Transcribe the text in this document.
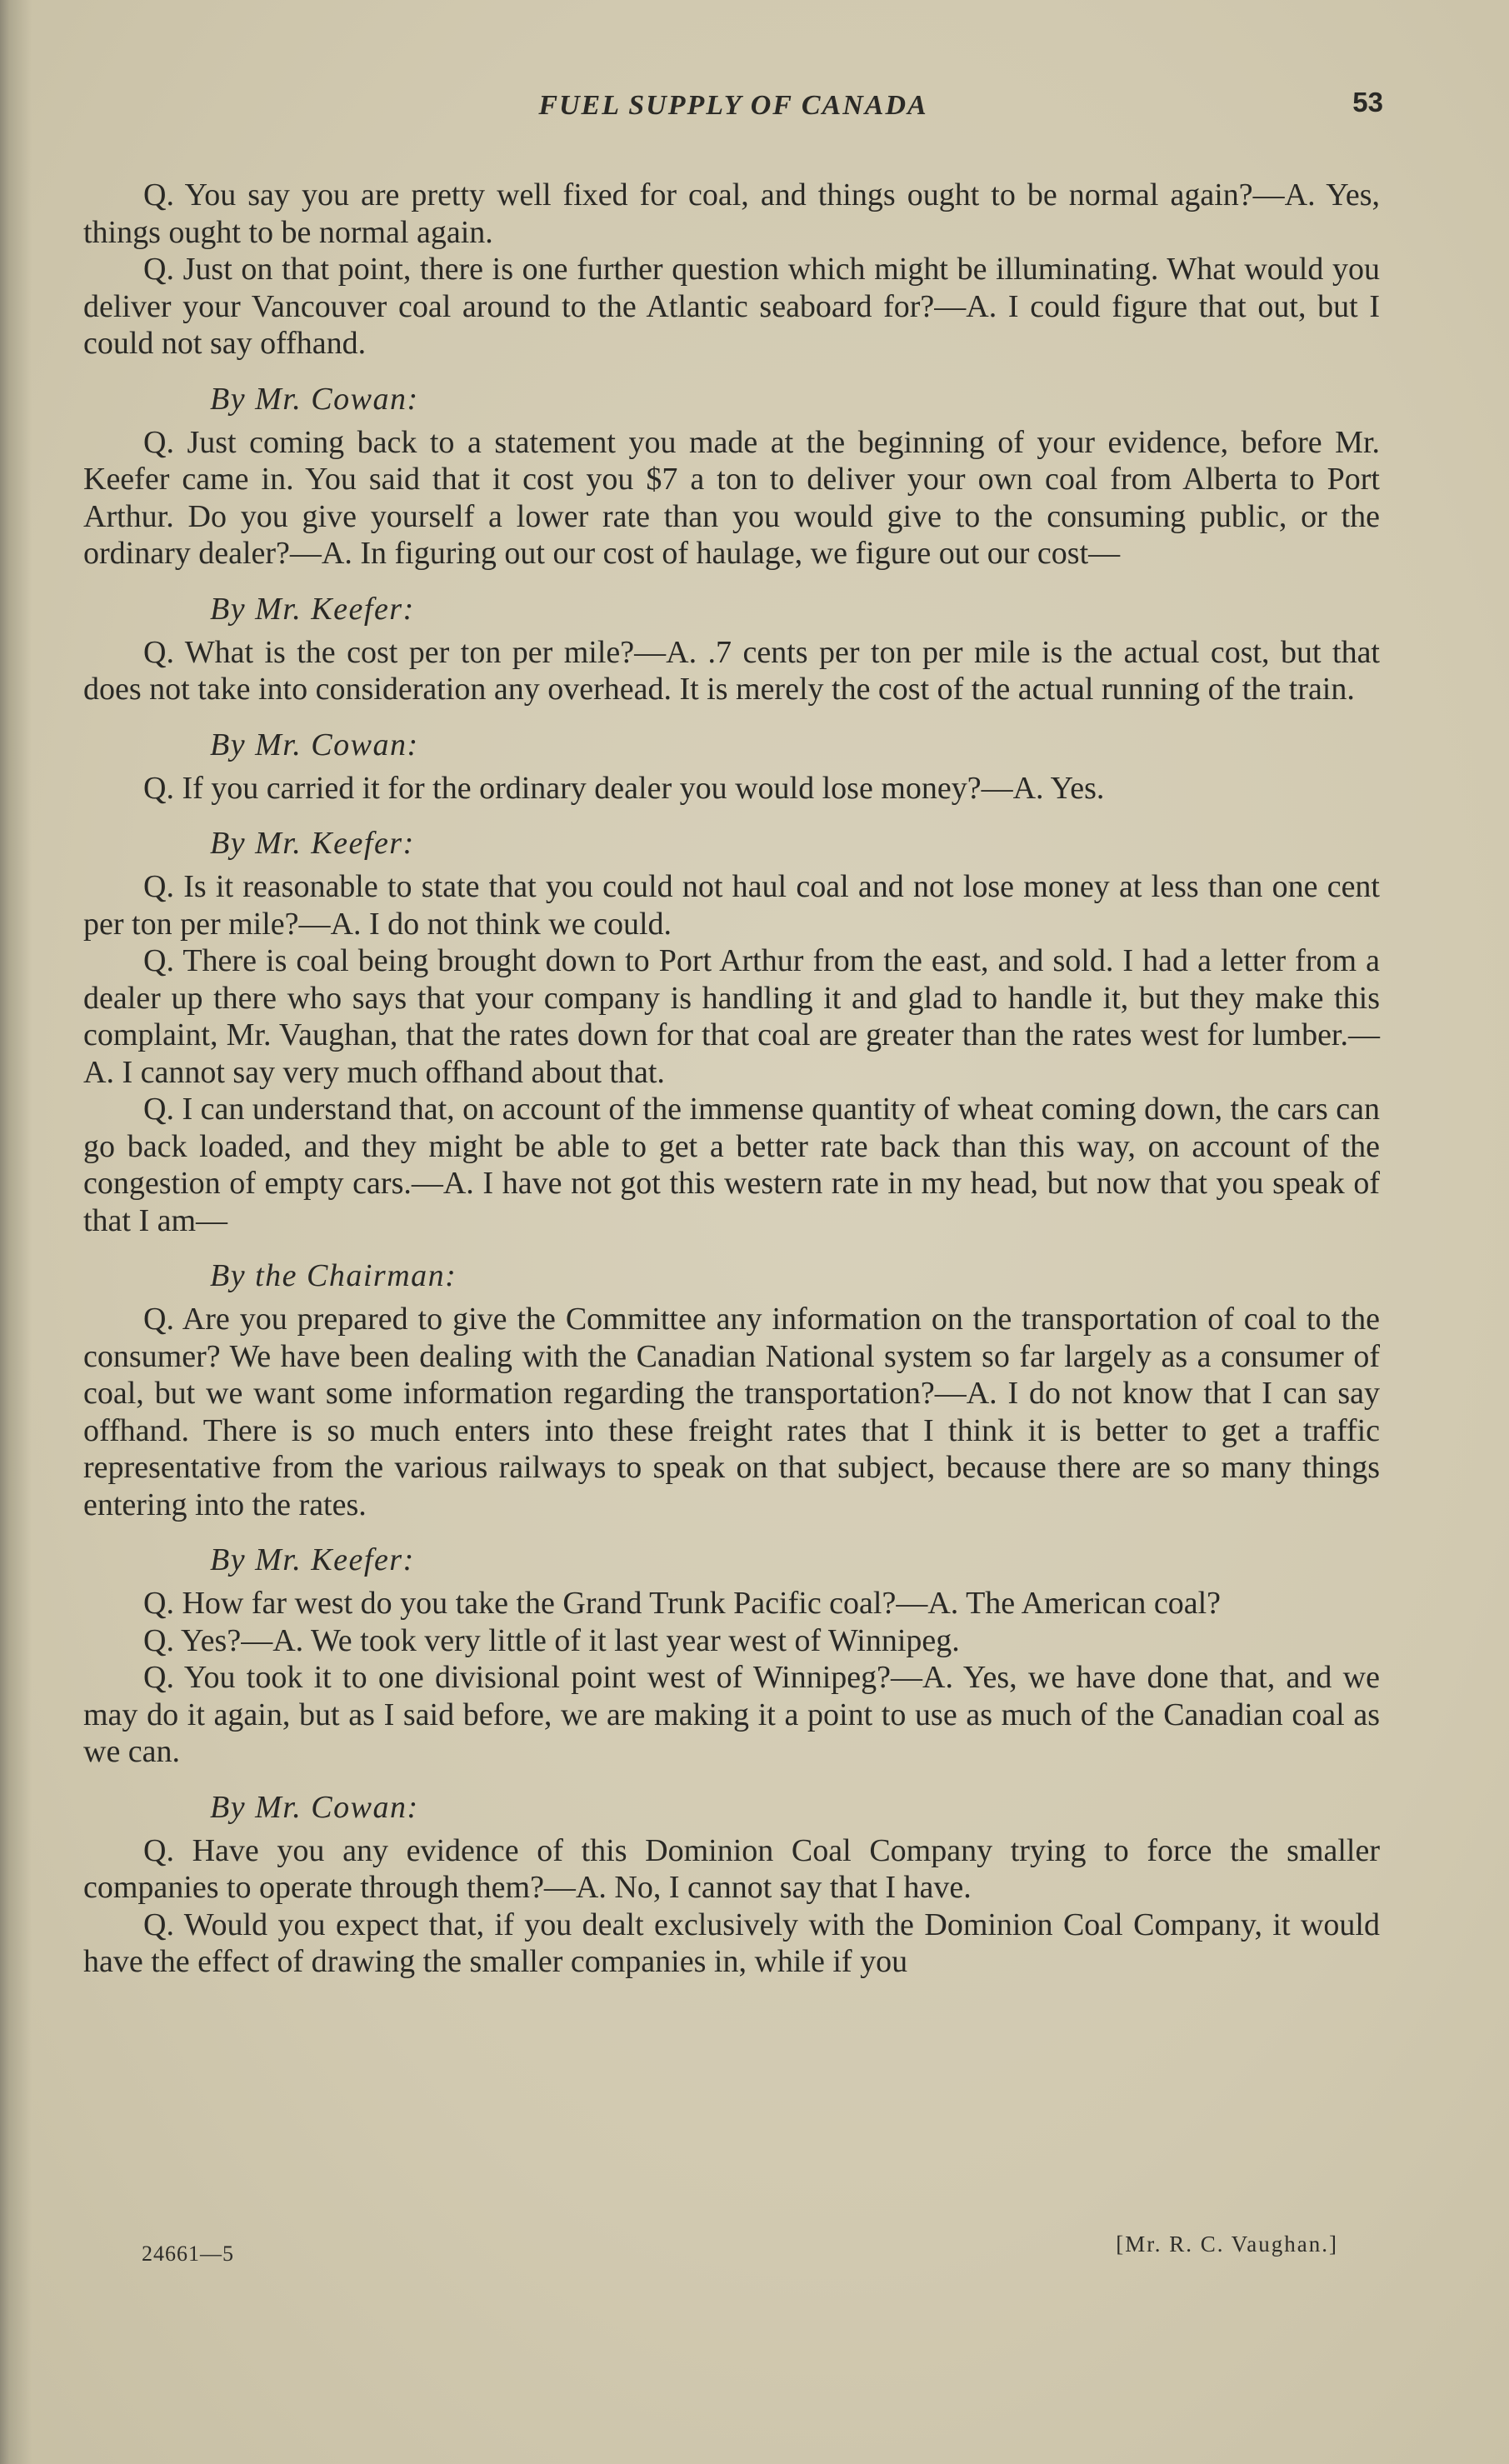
FUEL SUPPLY OF CANADA	53

Q. You say you are pretty well fixed for coal, and things ought to be normal again?—A. Yes, things ought to be normal again.

Q. Just on that point, there is one further question which might be illuminating. What would you deliver your Vancouver coal around to the Atlantic seaboard for?—A. I could figure that out, but I could not say offhand.

By Mr. Cowan:

Q. Just coming back to a statement you made at the beginning of your evidence, before Mr. Keefer came in. You said that it cost you $7 a ton to deliver your own coal from Alberta to Port Arthur. Do you give yourself a lower rate than you would give to the consuming public, or the ordinary dealer?—A. In figuring out our cost of haulage, we figure out our cost—

By Mr. Keefer:

Q. What is the cost per ton per mile?—A. .7 cents per ton per mile is the actual cost, but that does not take into consideration any overhead. It is merely the cost of the actual running of the train.

By Mr. Cowan:

Q. If you carried it for the ordinary dealer you would lose money?—A. Yes.

By Mr. Keefer:

Q. Is it reasonable to state that you could not haul coal and not lose money at less than one cent per ton per mile?—A. I do not think we could.

Q. There is coal being brought down to Port Arthur from the east, and sold. I had a letter from a dealer up there who says that your company is handling it and glad to handle it, but they make this complaint, Mr. Vaughan, that the rates down for that coal are greater than the rates west for lumber.—A. I cannot say very much offhand about that.

Q. I can understand that, on account of the immense quantity of wheat coming down, the cars can go back loaded, and they might be able to get a better rate back than this way, on account of the congestion of empty cars.—A. I have not got this western rate in my head, but now that you speak of that I am—

By the Chairman:

Q. Are you prepared to give the Committee any information on the transportation of coal to the consumer? We have been dealing with the Canadian National system so far largely as a consumer of coal, but we want some information regarding the transportation?—A. I do not know that I can say offhand. There is so much enters into these freight rates that I think it is better to get a traffic representative from the various railways to speak on that subject, because there are so many things entering into the rates.

By Mr. Keefer:

Q. How far west do you take the Grand Trunk Pacific coal?—A. The American coal?

Q. Yes?—A. We took very little of it last year west of Winnipeg.

Q. You took it to one divisional point west of Winnipeg?—A. Yes, we have done that, and we may do it again, but as I said before, we are making it a point to use as much of the Canadian coal as we can.

By Mr. Cowan:

Q. Have you any evidence of this Dominion Coal Company trying to force the smaller companies to operate through them?—A. No, I cannot say that I have.

Q. Would you expect that, if you dealt exclusively with the Dominion Coal Company, it would have the effect of drawing the smaller companies in, while if you

24661—5	[Mr. R. C. Vaughan.]
